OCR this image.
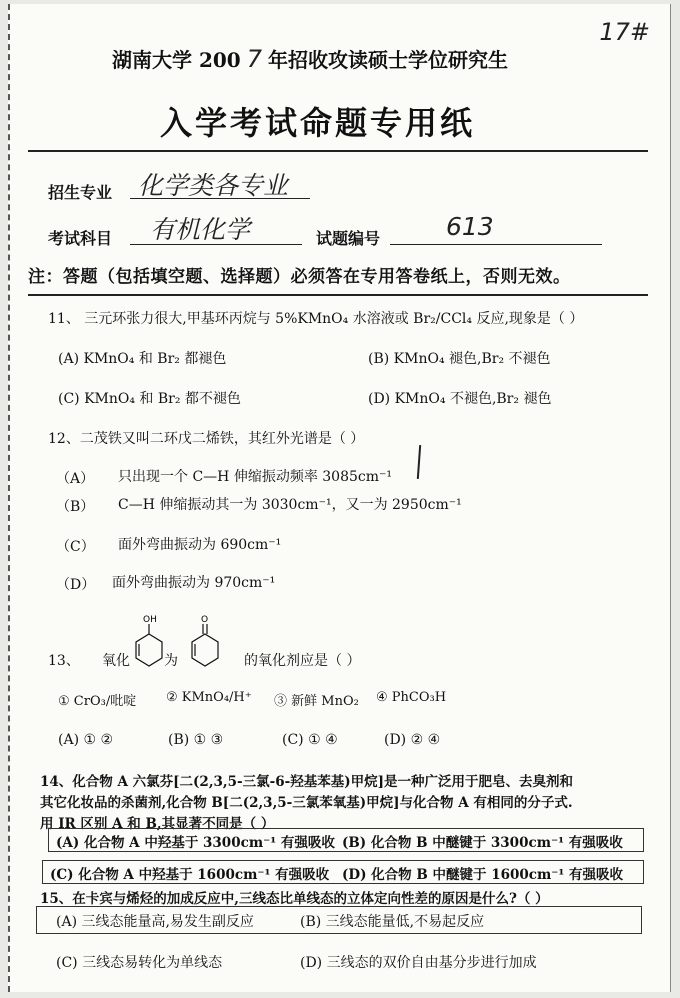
湖南大学 200 7 年招收攻读硕士学位研究生
17#
入学考试命题专用纸
招生专业 化学类各专业
考试科目 有机化学	试题编号	613
注：答题（包括填空题、选择题）必须答在专用答卷纸上，否则无效。
11、 三元环张力很大,甲基环丙烷与 5%KMnO₄ 水溶液或 Br₂/CCl₄ 反应,现象是（ ）
(A) KMnO₄ 和 Br₂ 都褪色	(B) KMnO₄ 褪色,Br₂ 不褪色
(C) KMnO₄ 和 Br₂ 都不褪色	(D) KMnO₄ 不褪色,Br₂ 褪色
12、二茂铁又叫二环戊二烯铁，其红外光谱是（ ）
（A） 只出现一个 C—H 伸缩振动频率 3085cm⁻¹
（B） C—H 伸缩振动其一为 3030cm⁻¹，又一为 2950cm⁻¹
（C） 面外弯曲振动为 690cm⁻¹
（D） 面外弯曲振动为 970cm⁻¹
13、 氧化
OH
为
O
的氧化剂应是（ ）
① CrO₃/吡啶 ② KMnO₄/H⁺ ③ 新鲜 MnO₂ ④ PhCO₃H
(A) ① ②	(B) ① ③	(C) ① ④	(D) ② ④
14、化合物 A 六氯芬[二(2,3,5-三氯-6-羟基苯基)甲烷]是一种广泛用于肥皂、去臭剂和
其它化妆品的杀菌剂,化合物 B[二(2,3,5-三氯苯氧基)甲烷]与化合物 A 有相同的分子式.
用 IR 区别 A 和 B,其显著不同是（ ）
(A) 化合物 A 中羟基于 3300cm⁻¹ 有强吸收 (B) 化合物 B 中醚键于 3300cm⁻¹ 有强吸收
(C) 化合物 A 中羟基于 1600cm⁻¹ 有强吸收 (D) 化合物 B 中醚键于 1600cm⁻¹ 有强吸收
15、在卡宾与烯烃的加成反应中,三线态比单线态的立体定向性差的原因是什么?（ ）
(A) 三线态能量高,易发生副反应	(B) 三线态能量低,不易起反应
(C) 三线态易转化为单线态	(D) 三线态的双价自由基分步进行加成
